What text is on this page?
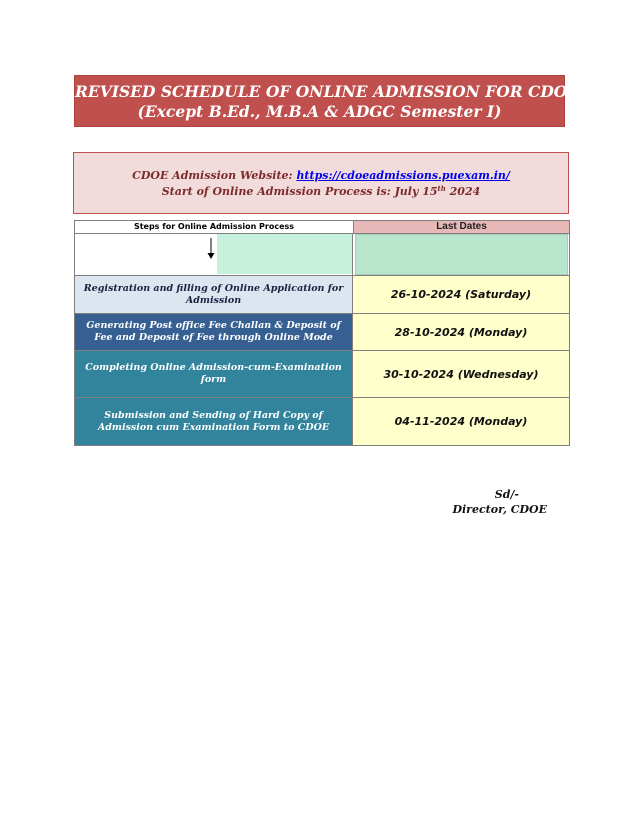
REVISED SCHEDULE OF ONLINE ADMISSION FOR CDOE
(Except B.Ed., M.B.A & ADGC Semester I)
CDOE Admission Website: https://cdoeadmissions.puexam.in/
Start of Online Admission Process is: July 15th 2024
Steps for Online Admission Process	Last Dates
Registration and filling of Online Application for Admission	26-10-2024 (Saturday)
Generating Post office Fee Challan & Deposit of Fee and Deposit of Fee through Online Mode	28-10-2024 (Monday)
Completing Online Admission-cum-Examination form	30-10-2024 (Wednesday)
Submission and Sending of Hard Copy of Admission cum Examination Form to CDOE	04-11-2024 (Monday)
Sd/-
Director, CDOE
